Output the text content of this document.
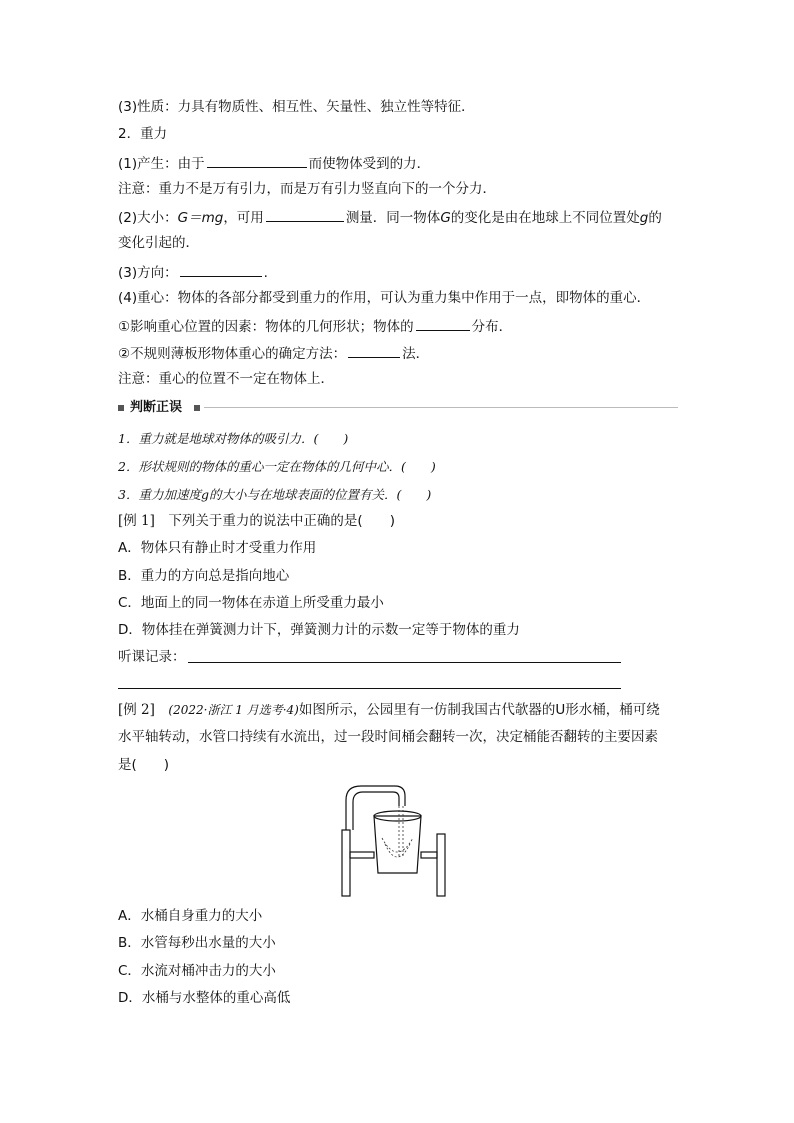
(3)性质：力具有物质性、相互性、矢量性、独立性等特征．
2．重力
(1)产生：由于	而使物体受到的力．
注意：重力不是万有引力，而是万有引力竖直向下的一个分力．
(2)大小：G＝mg，可用	测量．同一物体G的变化是由在地球上不同位置处g的
变化引起的．
(3)方向：	.
(4)重心：物体的各部分都受到重力的作用，可认为重力集中作用于一点，即物体的重心．
①影响重心位置的因素：物体的几何形状；物体的	分布．
②不规则薄板形物体重心的确定方法：	法．
注意：重心的位置不一定在物体上．
判断正误
1．重力就是地球对物体的吸引力．(　　)
2．形状规则的物体的重心一定在物体的几何中心．(　　)
3．重力加速度g的大小与在地球表面的位置有关．(　　)
[例 1]　 下列关于重力的说法中正确的是(　　)
A．物体只有静止时才受重力作用
B．重力的方向总是指向地心
C．地面上的同一物体在赤道上所受重力最小
D．物体挂在弹簧测力计下，弹簧测力计的示数一定等于物体的重力
听课记录：
[例 2]　 (2022·浙江 1 月选考·4)如图所示，公园里有一仿制我国古代欹器的U形水桶，桶可绕
水平轴转动，水管口持续有水流出，过一段时间桶会翻转一次，决定桶能否翻转的主要因素
是(　　)
A．水桶自身重力的大小
B．水管每秒出水量的大小
C．水流对桶冲击力的大小
D．水桶与水整体的重心高低
